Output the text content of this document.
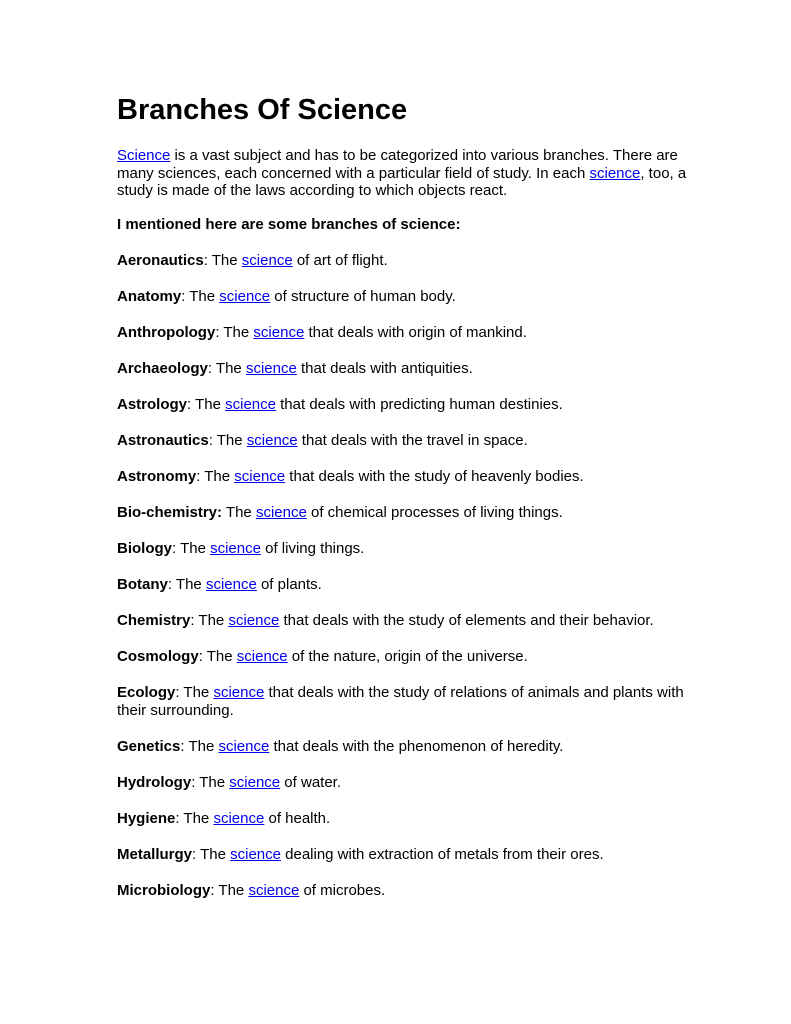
Branches Of Science

Science is a vast subject and has to be categorized into various branches. There are many sciences, each concerned with a particular field of study. In each science, too, a study is made of the laws according to which objects react.

I mentioned here are some branches of science:

Aeronautics: The science of art of flight.

Anatomy: The science of structure of human body.

Anthropology: The science that deals with origin of mankind.

Archaeology: The science that deals with antiquities.

Astrology: The science that deals with predicting human destinies.

Astronautics: The science that deals with the travel in space.

Astronomy: The science that deals with the study of heavenly bodies.

Bio-chemistry: The science of chemical processes of living things.

Biology: The science of living things.

Botany: The science of plants.

Chemistry: The science that deals with the study of elements and their behavior.

Cosmology: The science of the nature, origin of the universe.

Ecology: The science that deals with the study of relations of animals and plants with their surrounding.

Genetics: The science that deals with the phenomenon of heredity.

Hydrology: The science of water.

Hygiene: The science of health.

Metallurgy: The science dealing with extraction of metals from their ores.

Microbiology: The science of microbes.
